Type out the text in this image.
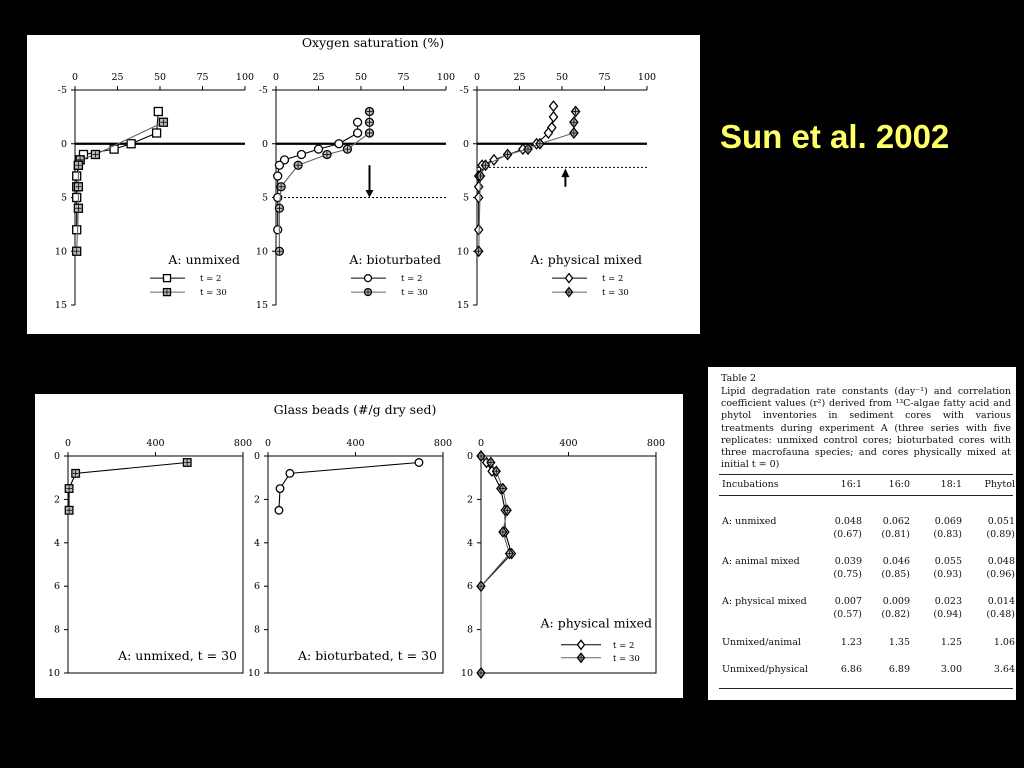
Sun et al. 2002
Oxygen saturation (%)
0	25	50	75	100
-5
0
5
10
15
A: unmixed
t = 2
t = 30
0	25	50	75	100
-5
0
5
10
15
A: bioturbated
t = 2
t = 30
0	25	50	75	100
-5
0
5
10
15
A: physical mixed
t = 2
t = 30
Glass beads (#/g dry sed)
0	400	800
0
2
4
6
8
10
A: unmixed, t = 30
0	400	800
0
2
4
6
8
10
A: bioturbated, t = 30
0	400	800
0
2
4
6
8
10
A: physical mixed
t = 2
t = 30
Table 2
Lipid degradation rate constants (day⁻¹) and correlation coefficient values (r²) derived from ¹³C-algae fatty acid and phytol inventories in sediment cores with various treatments during experiment A (three series with five replicates: unmixed control cores; bioturbated cores with three macrofauna species; and cores physically mixed at initial t = 0)
Incubations	16:1	16:0	18:1	Phytol
A: unmixed	0.048	0.062	0.069	0.051
(0.67)	(0.81)	(0.83)	(0.89)
A: animal mixed	0.039	0.046	0.055	0.048
(0.75)	(0.85)	(0.93)	(0.96)
A: physical mixed	0.007	0.009	0.023	0.014
(0.57)	(0.82)	(0.94)	(0.48)
Unmixed/animal	1.23	1.35	1.25	1.06
Unmixed/physical	6.86	6.89	3.00	3.64
